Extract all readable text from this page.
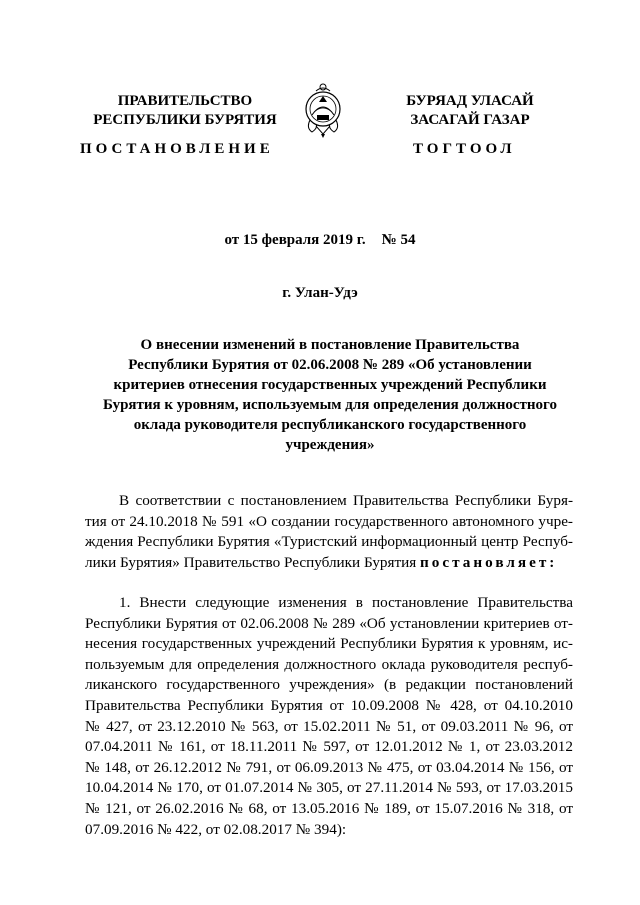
ПРАВИТЕЛЬСТВО
РЕСПУБЛИКИ БУРЯТИЯ
БУРЯАД УЛАСАЙ
ЗАСАГАЙ ГАЗАР
ПОСТАНОВЛЕНИЕ	ТОГТООЛ
от 15 февраля 2019 г. № 54
г. Улан-Удэ
О внесении изменений в постановление Правительства
Республики Бурятия от 02.06.2008 № 289 «Об установлении
критериев отнесения государственных учреждений Республики
Бурятия к уровням, используемым для определения должностного
оклада руководителя республиканского государственного
учреждения»
В соответствии с постановлением Правительства Республики Буря-
тия от 24.10.2018 № 591 «О создании государственного автономного учре-
ждения Республики Бурятия «Туристский информационный центр Респуб-
лики Бурятия» Правительство Республики Бурятия постановляет:
1. Внести следующие изменения в постановление Правительства
Республики Бурятия от 02.06.2008 № 289 «Об установлении критериев от-
несения государственных учреждений Республики Бурятия к уровням, ис-
пользуемым для определения должностного оклада руководителя респуб-
ликанского государственного учреждения» (в редакции постановлений
Правительства Республики Бурятия от 10.09.2008 № 428, от 04.10.2010
№ 427, от 23.12.2010 № 563, от 15.02.2011 № 51, от 09.03.2011 № 96, от
07.04.2011 № 161, от 18.11.2011 № 597, от 12.01.2012 № 1, от 23.03.2012
№ 148, от 26.12.2012 № 791, от 06.09.2013 № 475, от 03.04.2014 № 156, от
10.04.2014 № 170, от 01.07.2014 № 305, от 27.11.2014 № 593, от 17.03.2015
№ 121, от 26.02.2016 № 68, от 13.05.2016 № 189, от 15.07.2016 № 318, от
07.09.2016 № 422, от 02.08.2017 № 394):
